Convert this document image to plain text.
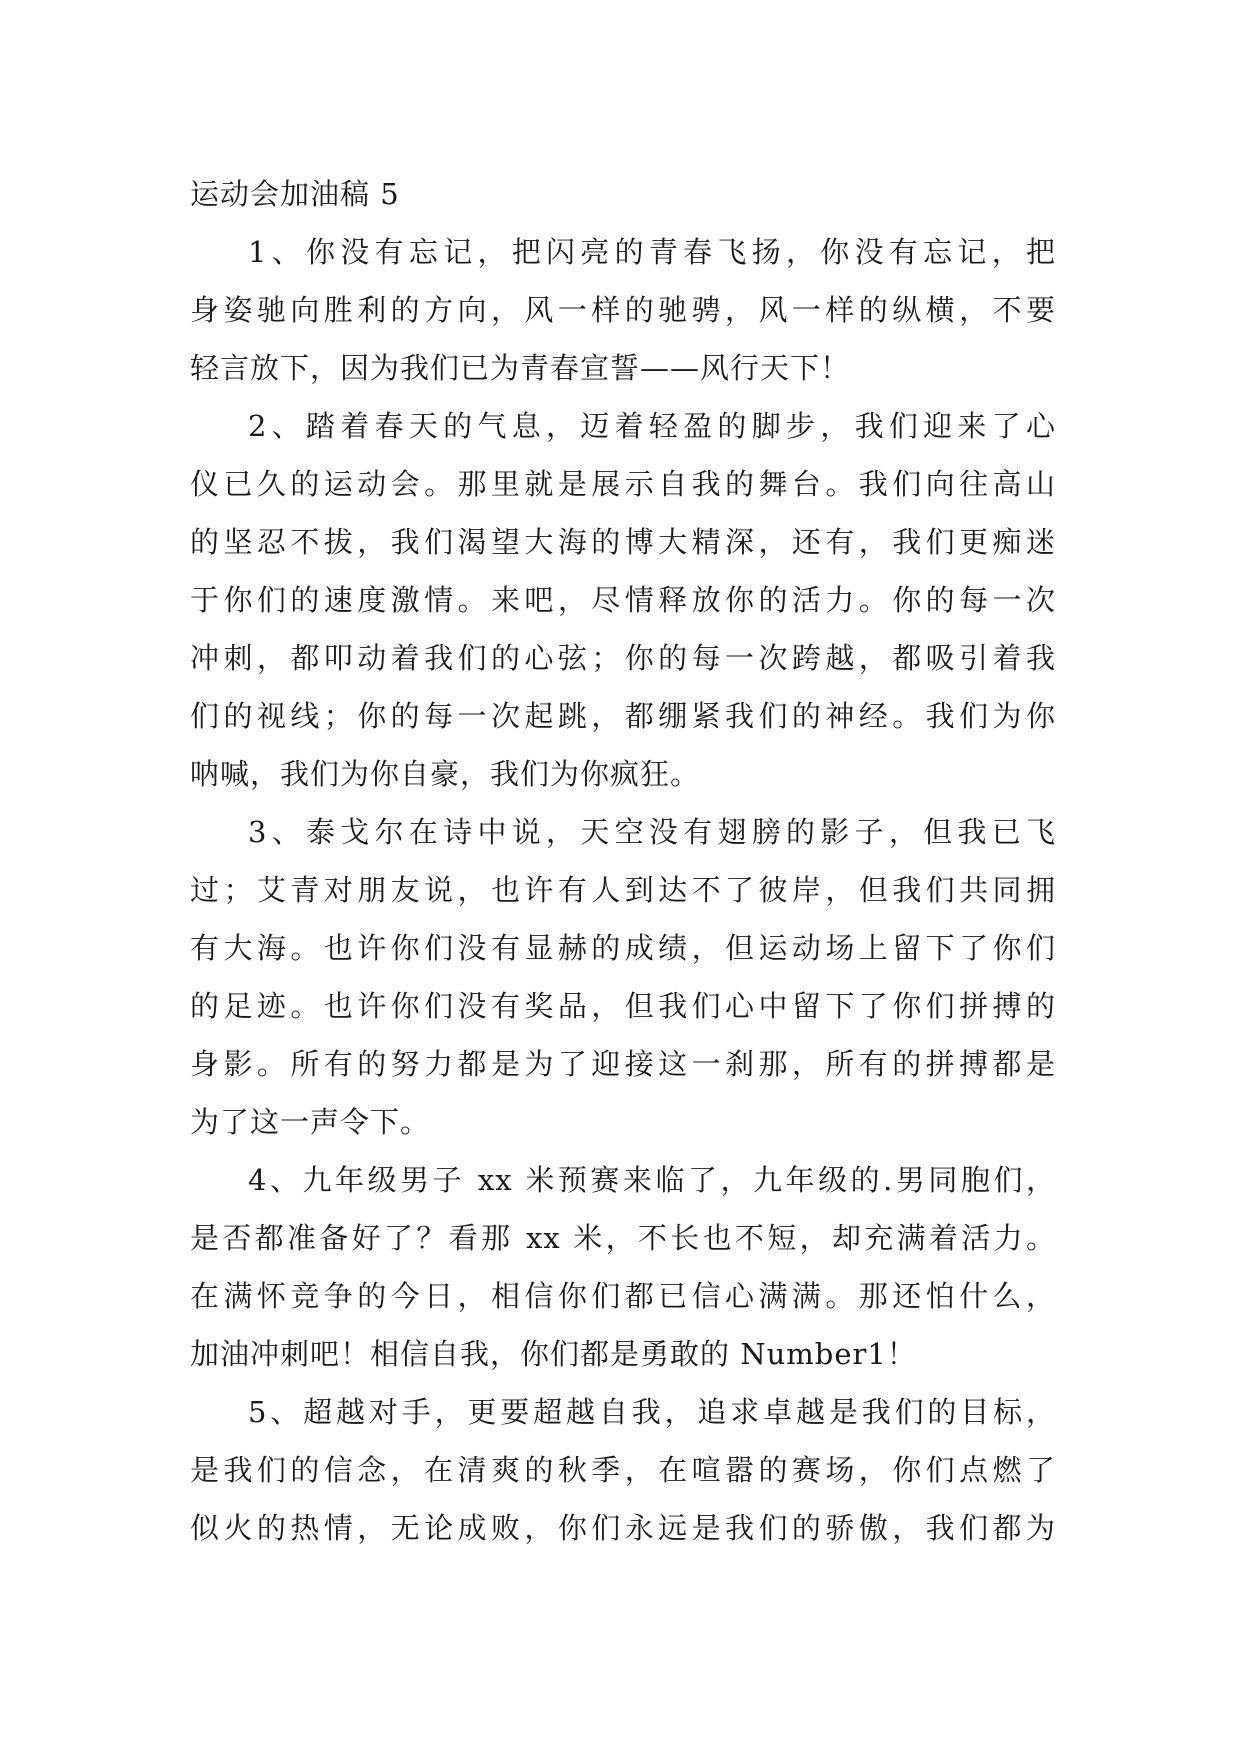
运动会加油稿 5

1、你没有忘记，把闪亮的青春飞扬，你没有忘记，把
身姿驰向胜利的方向，风一样的驰骋，风一样的纵横，不要
轻言放下，因为我们已为青春宣誓——风行天下！

2、踏着春天的气息，迈着轻盈的脚步，我们迎来了心
仪已久的运动会。那里就是展示自我的舞台。我们向往高山
的坚忍不拔，我们渴望大海的博大精深，还有，我们更痴迷
于你们的速度激情。来吧，尽情释放你的活力。你的每一次
冲刺，都叩动着我们的心弦；你的每一次跨越，都吸引着我
们的视线；你的每一次起跳，都绷紧我们的神经。我们为你
呐喊，我们为你自豪，我们为你疯狂。

3、泰戈尔在诗中说，天空没有翅膀的影子，但我已飞
过；艾青对朋友说，也许有人到达不了彼岸，但我们共同拥
有大海。也许你们没有显赫的成绩，但运动场上留下了你们
的足迹。也许你们没有奖品，但我们心中留下了你们拼搏的
身影。所有的努力都是为了迎接这一刹那，所有的拼搏都是
为了这一声令下。

4、九年级男子 xx 米预赛来临了，九年级的.男同胞们，
是否都准备好了？看那 xx 米，不长也不短，却充满着活力。
在满怀竞争的今日，相信你们都已信心满满。那还怕什么，
加油冲刺吧！相信自我，你们都是勇敢的 Number1！

5、超越对手，更要超越自我，追求卓越是我们的目标，
是我们的信念，在清爽的秋季，在喧嚣的赛场，你们点燃了
似火的热情，无论成败，你们永远是我们的骄傲，我们都为
